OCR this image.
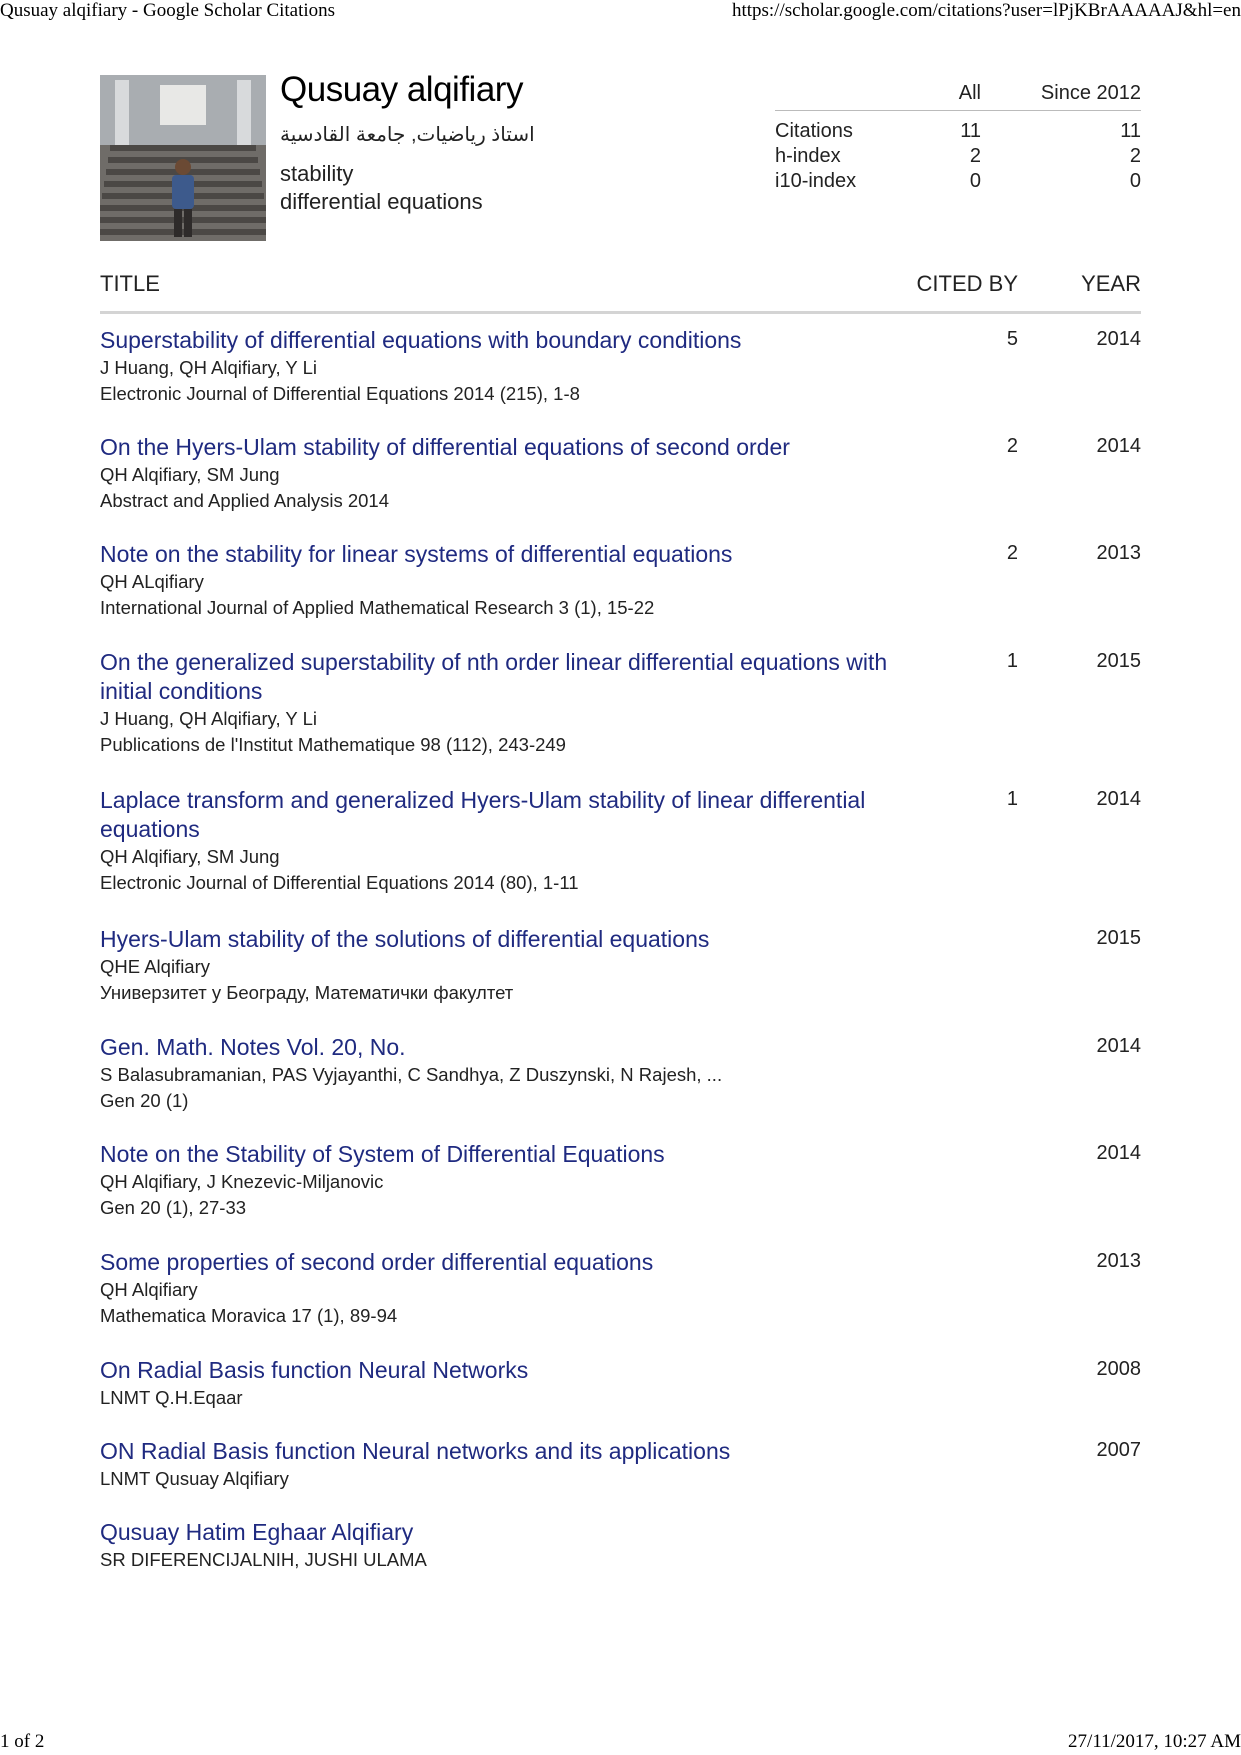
Qusuay alqifiary - Google Scholar Citations	https://scholar.google.com/citations?user=lPjKBrAAAAAJ&hl=en
Qusuay alqifiary
استاذ رياضيات, جامعة القادسية
stability
differential equations
All	Since 2012
Citations	11	11
h-index	2	2
i10-index	0	0
TITLE	CITED BY	YEAR
Superstability of differential equations with boundary conditions
J Huang, QH Alqifiary, Y Li
Electronic Journal of Differential Equations 2014 (215), 1-8
5	2014
On the Hyers-Ulam stability of differential equations of second order
QH Alqifiary, SM Jung
Abstract and Applied Analysis 2014
2	2014
Note on the stability for linear systems of differential equations
QH ALqifiary
International Journal of Applied Mathematical Research 3 (1), 15-22
2	2013
On the generalized superstability of nth order linear differential equations with initial conditions
J Huang, QH Alqifiary, Y Li
Publications de l'Institut Mathematique 98 (112), 243-249
1	2015
Laplace transform and generalized Hyers-Ulam stability of linear differential equations
QH Alqifiary, SM Jung
Electronic Journal of Differential Equations 2014 (80), 1-11
1	2014
Hyers-Ulam stability of the solutions of differential equations
QHE Alqifiary
Универзитет у Београду, Математички факултет
2015
Gen. Math. Notes Vol. 20, No.
S Balasubramanian, PAS Vyjayanthi, C Sandhya, Z Duszynski, N Rajesh, ...
Gen 20 (1)
2014
Note on the Stability of System of Differential Equations
QH Alqifiary, J Knezevic-Miljanovic
Gen 20 (1), 27-33
2014
Some properties of second order differential equations
QH Alqifiary
Mathematica Moravica 17 (1), 89-94
2013
On Radial Basis function Neural Networks
LNMT Q.H.Eqaar
2008
ON Radial Basis function Neural networks and its applications
LNMT Qusuay Alqifiary
2007
Qusuay Hatim Eghaar Alqifiary
SR DIFERENCIJALNIH, JUSHI ULAMA
1 of 2	27/11/2017, 10:27 AM
